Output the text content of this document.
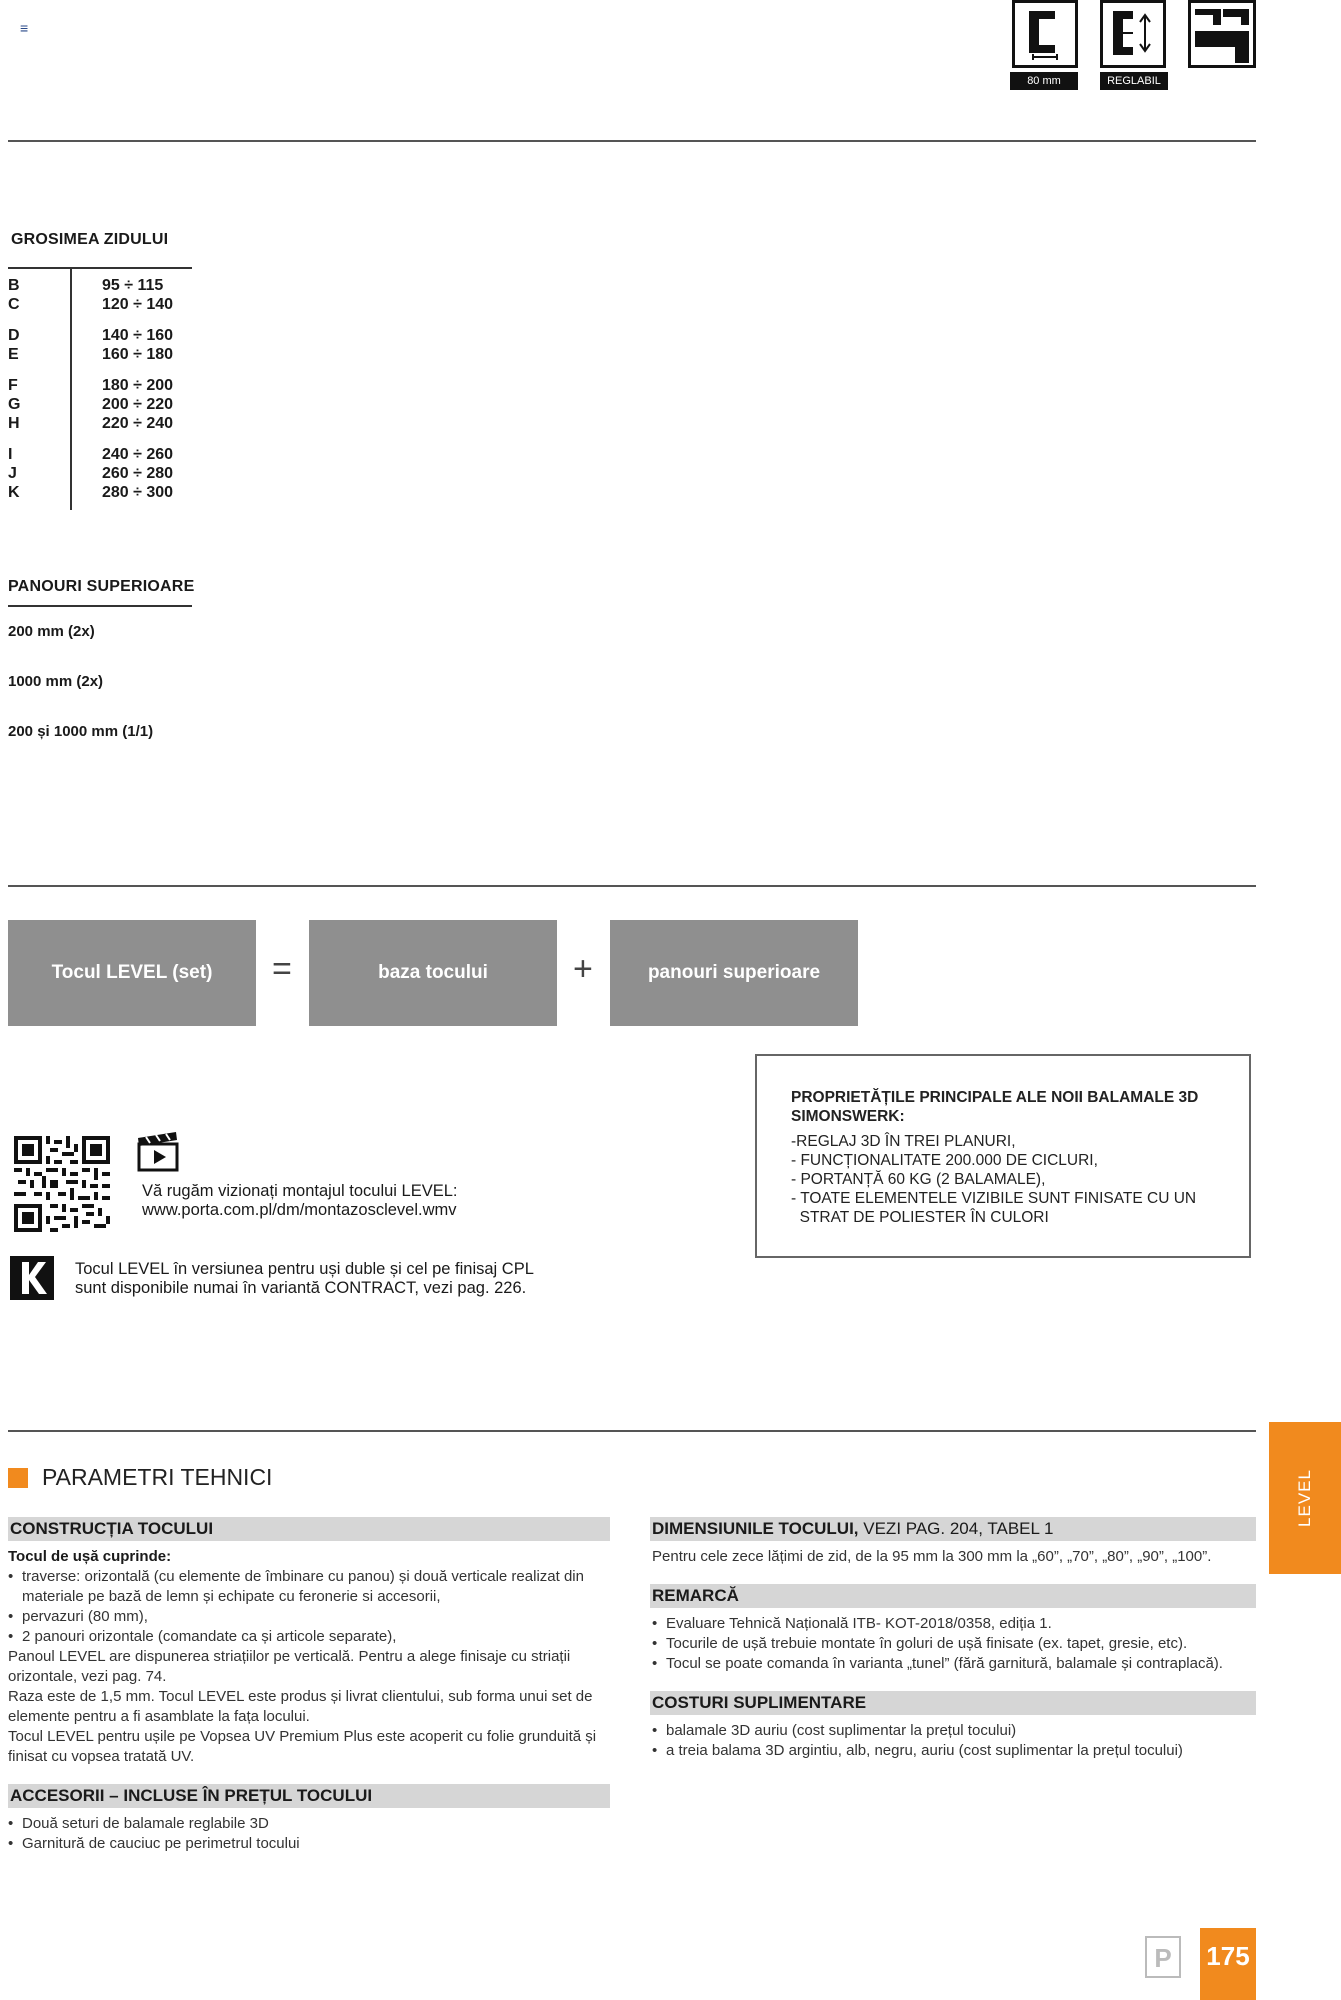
≡
80 mm	REGLABIL
GROSIMEA ZIDULUI
B	95 ÷ 115
C	120 ÷ 140
D	140 ÷ 160
E	160 ÷ 180
F	180 ÷ 200
G	200 ÷ 220
H	220 ÷ 240
I	240 ÷ 260
J	260 ÷ 280
K	280 ÷ 300
PANOURI SUPERIOARE
200 mm (2x)
1000 mm (2x)
200 și 1000 mm (1/1)
Tocul LEVEL (set)	=	baza tocului	+	panouri superioare
PROPRIETĂȚILE PRINCIPALE ALE NOII BALAMALE 3D SIMONSWERK:
-REGLAJ 3D ÎN TREI PLANURI,
- FUNCȚIONALITATE 200.000 DE CICLURI,
- PORTANȚĂ 60 KG (2 BALAMALE),
- TOATE ELEMENTELE VIZIBILE SUNT FINISATE CU UN
STRAT DE POLIESTER ÎN CULORI
Vă rugăm vizionați montajul tocului LEVEL:
www.porta.com.pl/dm/montazosclevel.wmv
Tocul LEVEL în versiunea pentru uși duble și cel pe finisaj CPL
sunt disponibile numai în variantă CONTRACT, vezi pag. 226.
LEVEL
PARAMETRI TEHNICI
CONSTRUCȚIA TOCULUI
Tocul de ușă cuprinde:
• traverse: orizontală (cu elemente de îmbinare cu panou) și două verticale realizat din materiale pe bază de lemn și echipate cu feronerie si accesorii,
• pervazuri (80 mm),
• 2 panouri orizontale (comandate ca și articole separate),
Panoul LEVEL are dispunerea striațiilor pe verticală. Pentru a alege finisaje cu striații orizontale, vezi pag. 74.
Raza este de 1,5 mm. Tocul LEVEL este produs și livrat clientului, sub forma unui set de elemente pentru a fi asamblate la fața locului.
Tocul LEVEL pentru ușile pe Vopsea UV Premium Plus este acoperit cu folie grunduită și finisat cu vopsea tratată UV.
ACCESORII – INCLUSE ÎN PREȚUL TOCULUI
• Două seturi de balamale reglabile 3D
• Garnitură de cauciuc pe perimetrul tocului
DIMENSIUNILE TOCULUI, VEZI PAG. 204, TABEL 1
Pentru cele zece lățimi de zid, de la 95 mm la 300 mm la „60”, „70”, „80”, „90”, „100”.
REMARCĂ
• Evaluare Tehnică Națională ITB- KOT-2018/0358, ediția 1.
• Tocurile de ușă trebuie montate în goluri de ușă finisate (ex. tapet, gresie, etc).
• Tocul se poate comanda în varianta „tunel” (fără garnitură, balamale și contraplacă).
COSTURI SUPLIMENTARE
• balamale 3D auriu (cost suplimentar la prețul tocului)
• a treia balama 3D argintiu, alb, negru, auriu (cost suplimentar la prețul tocului)
P 175
